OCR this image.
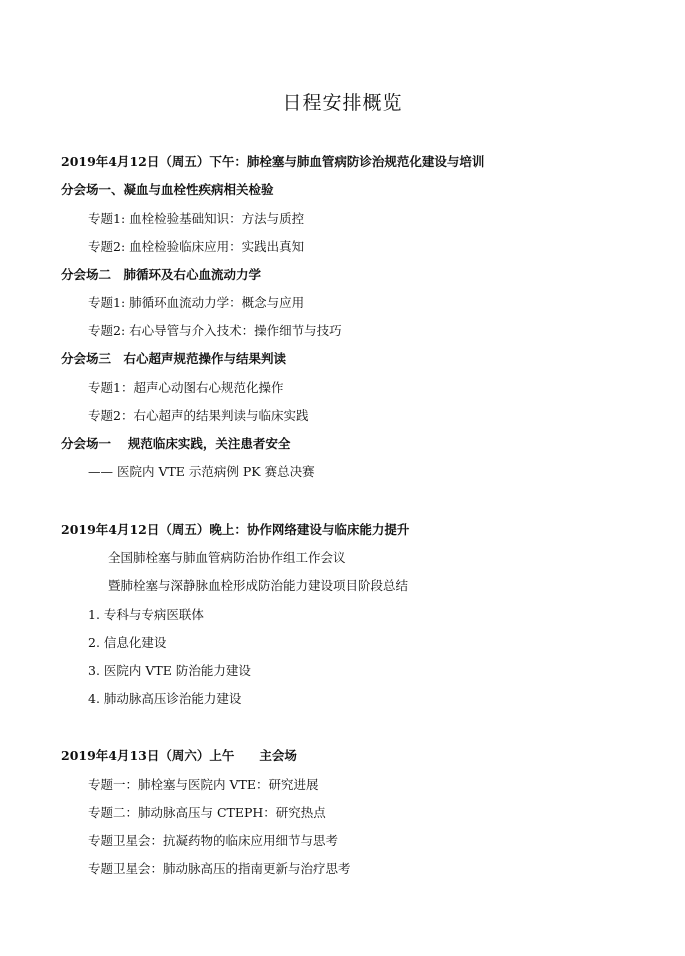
日程安排概览
2019年4月12日（周五）下午：肺栓塞与肺血管病防诊治规范化建设与培训
分会场一、凝血与血栓性疾病相关检验
专题1: 血栓检验基础知识：方法与质控
专题2: 血栓检验临床应用：实践出真知
分会场二　肺循环及右心血流动力学
专题1: 肺循环血流动力学：概念与应用
专题2: 右心导管与介入技术：操作细节与技巧
分会场三　右心超声规范操作与结果判读
专题1：超声心动图右心规范化操作
专题2：右心超声的结果判读与临床实践
分会场一　 规范临床实践，关注患者安全
—— 医院内 VTE 示范病例 PK 赛总决赛
2019年4月12日（周五）晚上：协作网络建设与临床能力提升
全国肺栓塞与肺血管病防治协作组工作会议
暨肺栓塞与深静脉血栓形成防治能力建设项目阶段总结
1. 专科与专病医联体
2. 信息化建设
3. 医院内 VTE 防治能力建设
4. 肺动脉高压诊治能力建设
2019年4月13日（周六）上午　　主会场
专题一：肺栓塞与医院内 VTE：研究进展
专题二：肺动脉高压与 CTEPH：研究热点
专题卫星会：抗凝药物的临床应用细节与思考
专题卫星会：肺动脉高压的指南更新与治疗思考
